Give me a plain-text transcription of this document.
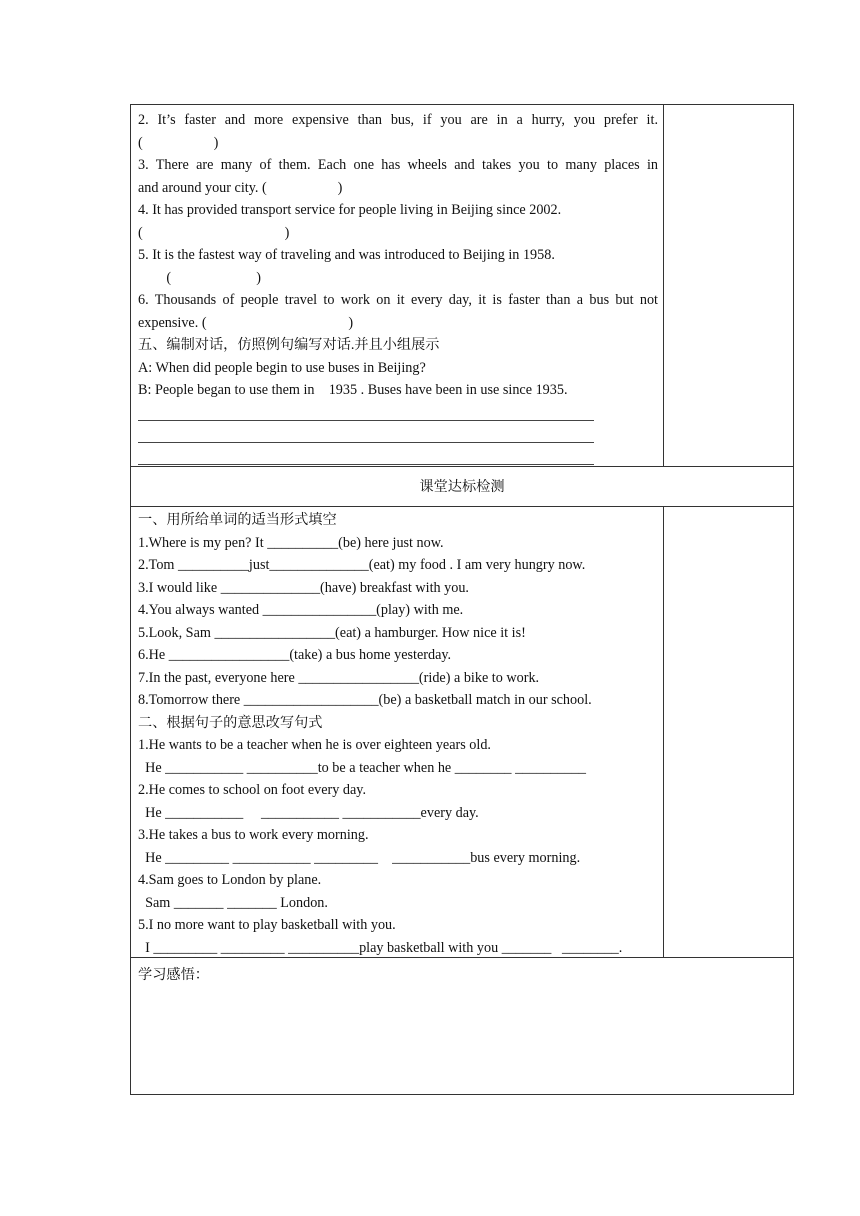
2. It’s faster and more expensive than bus, if you are in a hurry, you prefer it.
(                    )
3. There are many of them. Each one has wheels and takes you to many places in
and around your city. (                    )
4. It has provided transport service for people living in Beijing since 2002.
(                                        )
5. It is the fastest way of traveling and was introduced to Beijing in 1958.
(                        )
6. Thousands of people travel to work on it every day, it is faster than a bus but not
expensive. (                                        )
五、编制对话，仿照例句编写对话.并且小组展示
A: When did people begin to use buses in Beijing?
B: People began to use them in    1935 . Buses have been in use since 1935.
课堂达标检测
一、用所给单词的适当形式填空
1.Where is my pen? It __________(be) here just now.
2.Tom __________just______________(eat) my food . I am very hungry now.
3.I would like ______________(have) breakfast with you.
4.You always wanted ________________(play) with me.
5.Look, Sam _________________(eat) a hamburger. How nice it is!
6.He _________________(take) a bus home yesterday.
7.In the past, everyone here _________________(ride) a bike to work.
8.Tomorrow there ___________________(be) a basketball match in our school.
二、根据句子的意思改写句式
1.He wants to be a teacher when he is over eighteen years old.
He ___________ __________to be a teacher when he ________ __________
2.He comes to school on foot every day.
He ___________     ___________ ___________every day.
3.He takes a bus to work every morning.
He _________ ___________ _________    ___________bus every morning.
4.Sam goes to London by plane.
Sam _______ _______ London.
5.I no more want to play basketball with you.
I _________ _________ __________play basketball with you _______   ________.
学习感悟：
